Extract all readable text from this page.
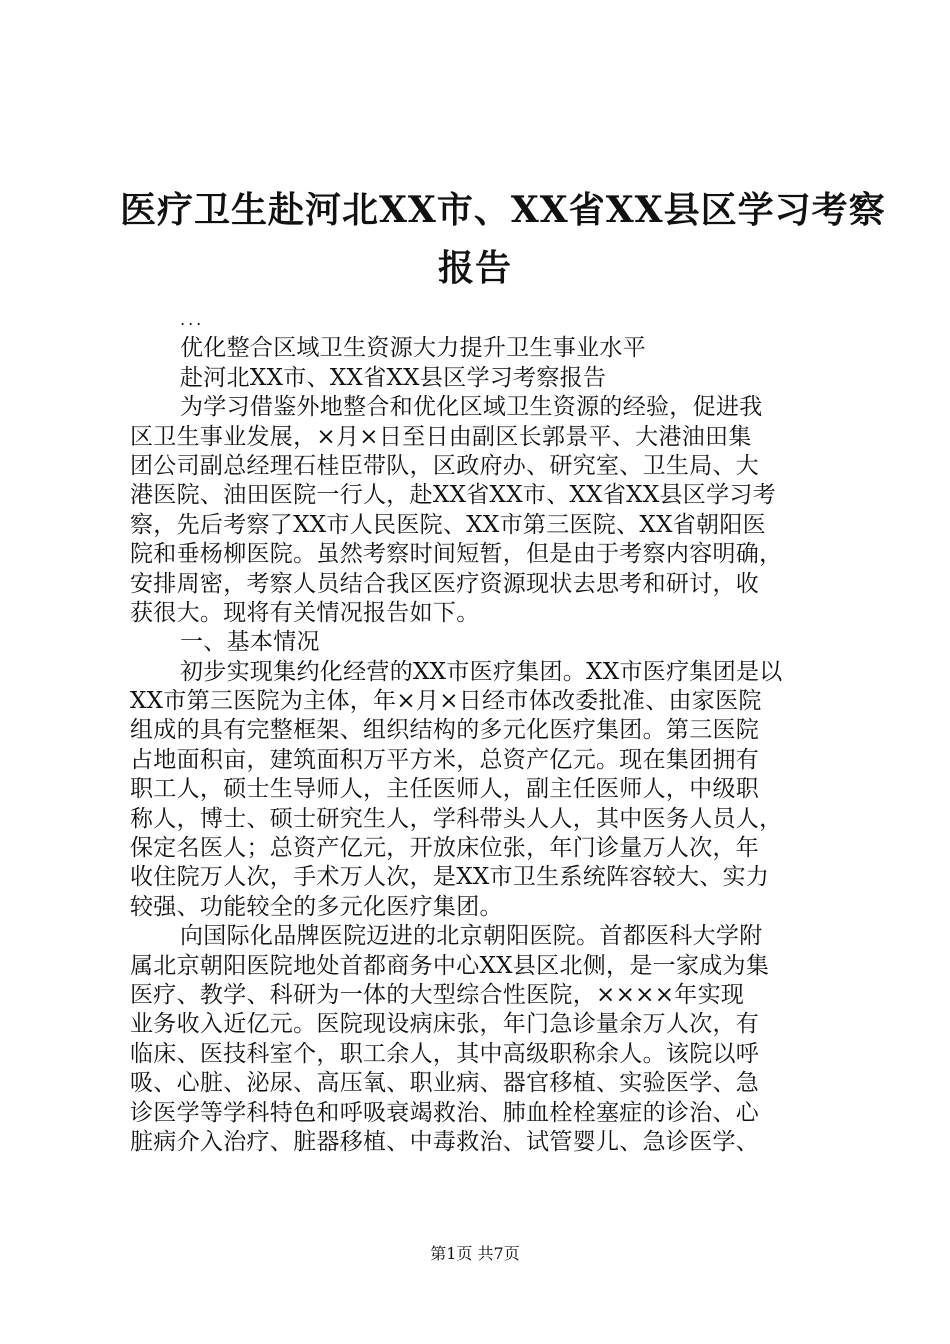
医疗卫生赴河北XX市、XX省XX县区学习考察
报告
...
优化整合区域卫生资源大力提升卫生事业水平
赴河北XX市、XX省XX县区学习考察报告
为学习借鉴外地整合和优化区域卫生资源的经验，促进我
区卫生事业发展，×月×日至日由副区长郭景平、大港油田集
团公司副总经理石桂臣带队，区政府办、研究室、卫生局、大
港医院、油田医院一行人，赴XX省XX市、XX省XX县区学习考
察，先后考察了XX市人民医院、XX市第三医院、XX省朝阳医
院和垂杨柳医院。虽然考察时间短暂，但是由于考察内容明确，
安排周密，考察人员结合我区医疗资源现状去思考和研讨，收
获很大。现将有关情况报告如下。
一、基本情况
初步实现集约化经营的XX市医疗集团。XX市医疗集团是以
XX市第三医院为主体，年×月×日经市体改委批准、由家医院
组成的具有完整框架、组织结构的多元化医疗集团。第三医院
占地面积亩，建筑面积万平方米，总资产亿元。现在集团拥有
职工人，硕士生导师人，主任医师人，副主任医师人，中级职
称人，博士、硕士研究生人，学科带头人人，其中医务人员人，
保定名医人；总资产亿元，开放床位张，年门诊量万人次，年
收住院万人次，手术万人次，是XX市卫生系统阵容较大、实力
较强、功能较全的多元化医疗集团。
向国际化品牌医院迈进的北京朝阳医院。首都医科大学附
属北京朝阳医院地处首都商务中心XX县区北侧，是一家成为集
医疗、教学、科研为一体的大型综合性医院，××××年实现
业务收入近亿元。医院现设病床张，年门急诊量余万人次，有
临床、医技科室个，职工余人，其中高级职称余人。该院以呼
吸、心脏、泌尿、高压氧、职业病、器官移植、实验医学、急
诊医学等学科特色和呼吸衰竭救治、肺血栓栓塞症的诊治、心
脏病介入治疗、脏器移植、中毒救治、试管婴儿、急诊医学、
第1页 共7页
